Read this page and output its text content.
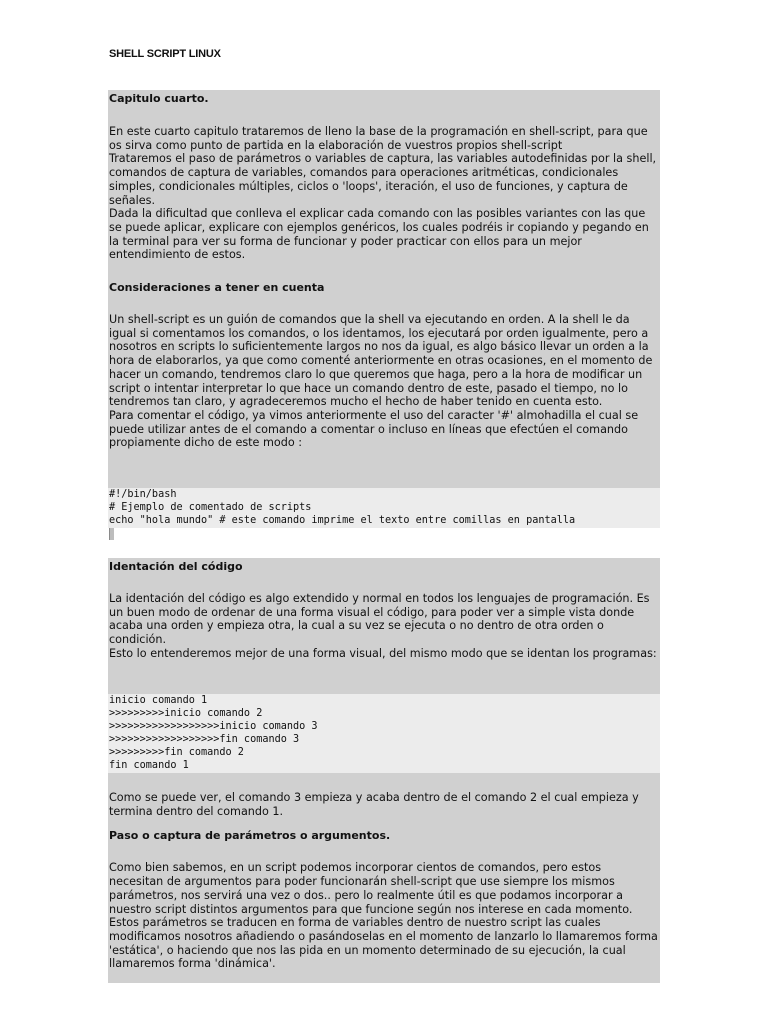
SHELL SCRIPT LINUX
Capitulo cuarto.
En este cuarto capitulo trataremos de lleno la base de la programación en shell-script, para que os sirva como punto de partida en la elaboración de vuestros propios shell-script
Trataremos el paso de parámetros o variables de captura, las variables autodefinidas por la shell, comandos de captura de variables, comandos para operaciones aritméticas, condicionales simples, condicionales múltiples, ciclos o 'loops', iteración, el uso de funciones, y captura de señales.
Dada la dificultad que conlleva el explicar cada comando con las posibles variantes con las que se puede aplicar, explicare con ejemplos genéricos, los cuales podréis ir copiando y pegando en la terminal para ver su forma de funcionar y poder practicar con ellos para un mejor entendimiento de estos.
Consideraciones a tener en cuenta
Un shell-script es un guión de comandos que la shell va ejecutando en orden. A la shell le da igual si comentamos los comandos, o los identamos, los ejecutará por orden igualmente, pero a nosotros en scripts lo suficientemente largos no nos da igual, es algo básico llevar un orden a la hora de elaborarlos, ya que como comenté anteriormente en otras ocasiones, en el momento de hacer un comando, tendremos claro lo que queremos que haga, pero a la hora de modificar un script o intentar interpretar lo que hace un comando dentro de este, pasado el tiempo, no lo tendremos tan claro, y agradeceremos mucho el hecho de haber tenido en cuenta esto.
Para comentar el código, ya vimos anteriormente el uso del caracter '#' almohadilla el cual se puede utilizar antes de el comando a comentar o incluso en líneas que efectúen el comando propiamente dicho de este modo :
#!/bin/bash
# Ejemplo de comentado de scripts
echo "hola mundo" # este comando imprime el texto entre comillas en pantalla
Identación del código
La identación del código es algo extendido y normal en todos los lenguajes de programación. Es un buen modo de ordenar de una forma visual el código, para poder ver a simple vista donde acaba una orden y empieza otra, la cual a su vez se ejecuta o no dentro de otra orden o condición.
Esto lo entenderemos mejor de una forma visual, del mismo modo que se identan los programas:
inicio comando 1
>>>>>>>>>inicio comando 2
>>>>>>>>>>>>>>>>>>inicio comando 3
>>>>>>>>>>>>>>>>>>fin comando 3
>>>>>>>>>fin comando 2
fin comando 1
Como se puede ver, el comando 3 empieza y acaba dentro de el comando 2 el cual empieza y termina dentro del comando 1.
Paso o captura de parámetros o argumentos.
Como bien sabemos, en un script podemos incorporar cientos de comandos, pero estos necesitan de argumentos para poder funcionarán shell-script que use siempre los mismos parámetros, nos servirá una vez o dos.. pero lo realmente útil es que podamos incorporar a nuestro script distintos argumentos para que funcione según nos interese en cada momento.
Estos parámetros se traducen en forma de variables dentro de nuestro script las cuales modificamos nosotros añadiendo o pasándoselas en el momento de lanzarlo lo llamaremos forma 'estática', o haciendo que nos las pida en un momento determinado de su ejecución, la cual llamaremos forma 'dinámica'.
